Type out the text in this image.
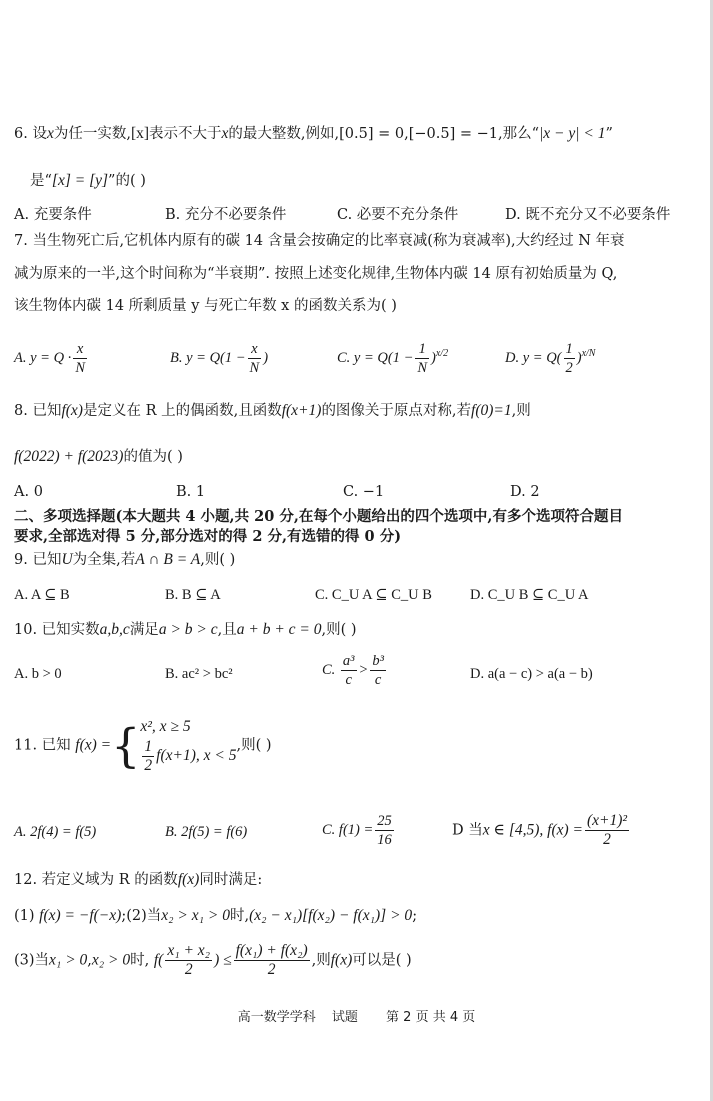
6. 设x为任一实数,[x]表示不大于x的最大整数,例如,[0.5] = 0,[−0.5] = −1,那么“|x − y| < 1”
是“[x] = [y]”的( )
A. 充要条件	B. 充分不必要条件	C. 必要不充分条件	D. 既不充分又不必要条件
7. 当生物死亡后,它机体内原有的碳 14 含量会按确定的比率衰减(称为衰减率),大约经过 N 年衰
减为原来的一半,这个时间称为“半衰期”. 按照上述变化规律,生物体内碳 14 原有初始质量为 Q,
该生物体内碳 14 所剩质量 y 与死亡年数 x 的函数关系为( )
A. $y = Q \cdot \frac{x}{N}$	B. $y = Q(1 - \frac{x}{N}$ )	C. $y = Q(1 - \frac{1}{N} )^{x/2}$	D. $y = Q( \frac{1}{2} )^{x/N}$
8. 已知f(x)是定义在 R 上的偶函数,且函数f(x+1)的图像关于原点对称,若f(0)=1,则
f(2022) + f(2023)的值为( )
A. 0	B. 1	C. −1	D. 2
二、多项选择题(本大题共 4 小题,共 20 分,在每个小题给出的四个选项中,有多个选项符合题目
要求,全部选对得 5 分,部分选对的得 2 分,有选错的得 0 分)
9. 已知U为全集,若A ∩ B = A,则( )
A. A ⊆ B	B. B ⊆ A	C. C_U A ⊆ C_U B	D. C_U B ⊆ C_U A
10. 已知实数a,b,c满足a > b > c,且a + b + c = 0,则( )
A. b > 0	B. ac² > bc²	C. $\frac{\text{a³}}{c} > \frac{\text{b³}}{c}$	D. a(a − c) > a(a − b)
11. 已知 f(x) ={ x², x ≥ 5
$\frac{1}{2} f(x+1)$, x < 5
,则( )
A. 2f(4) = f(5)	B. 2f(5) = f(6)	C. $f(1) = \frac{25}{16}$	D 当x ∈ [4,5), $f(x) = \frac{\text{(x+1)²}}{2}$
12. 若定义域为 R 的函数f(x)同时满足:
(1) f(x) = −f(−x);(2)当x₂ > x₁ > 0时,(x₂ − x₁)[f(x₂) − f(x₁)] > 0;
(3)当x₁ > 0,x₂ > 0时, $f( \frac{\text{x₁ + x₂}}{2}$ ) ≤ $\frac{\text{f(x₁) + f(x₂)}}{2}$ ,则f(x)可以是( )
高一数学学科 试题 第 2 页 共 4 页
